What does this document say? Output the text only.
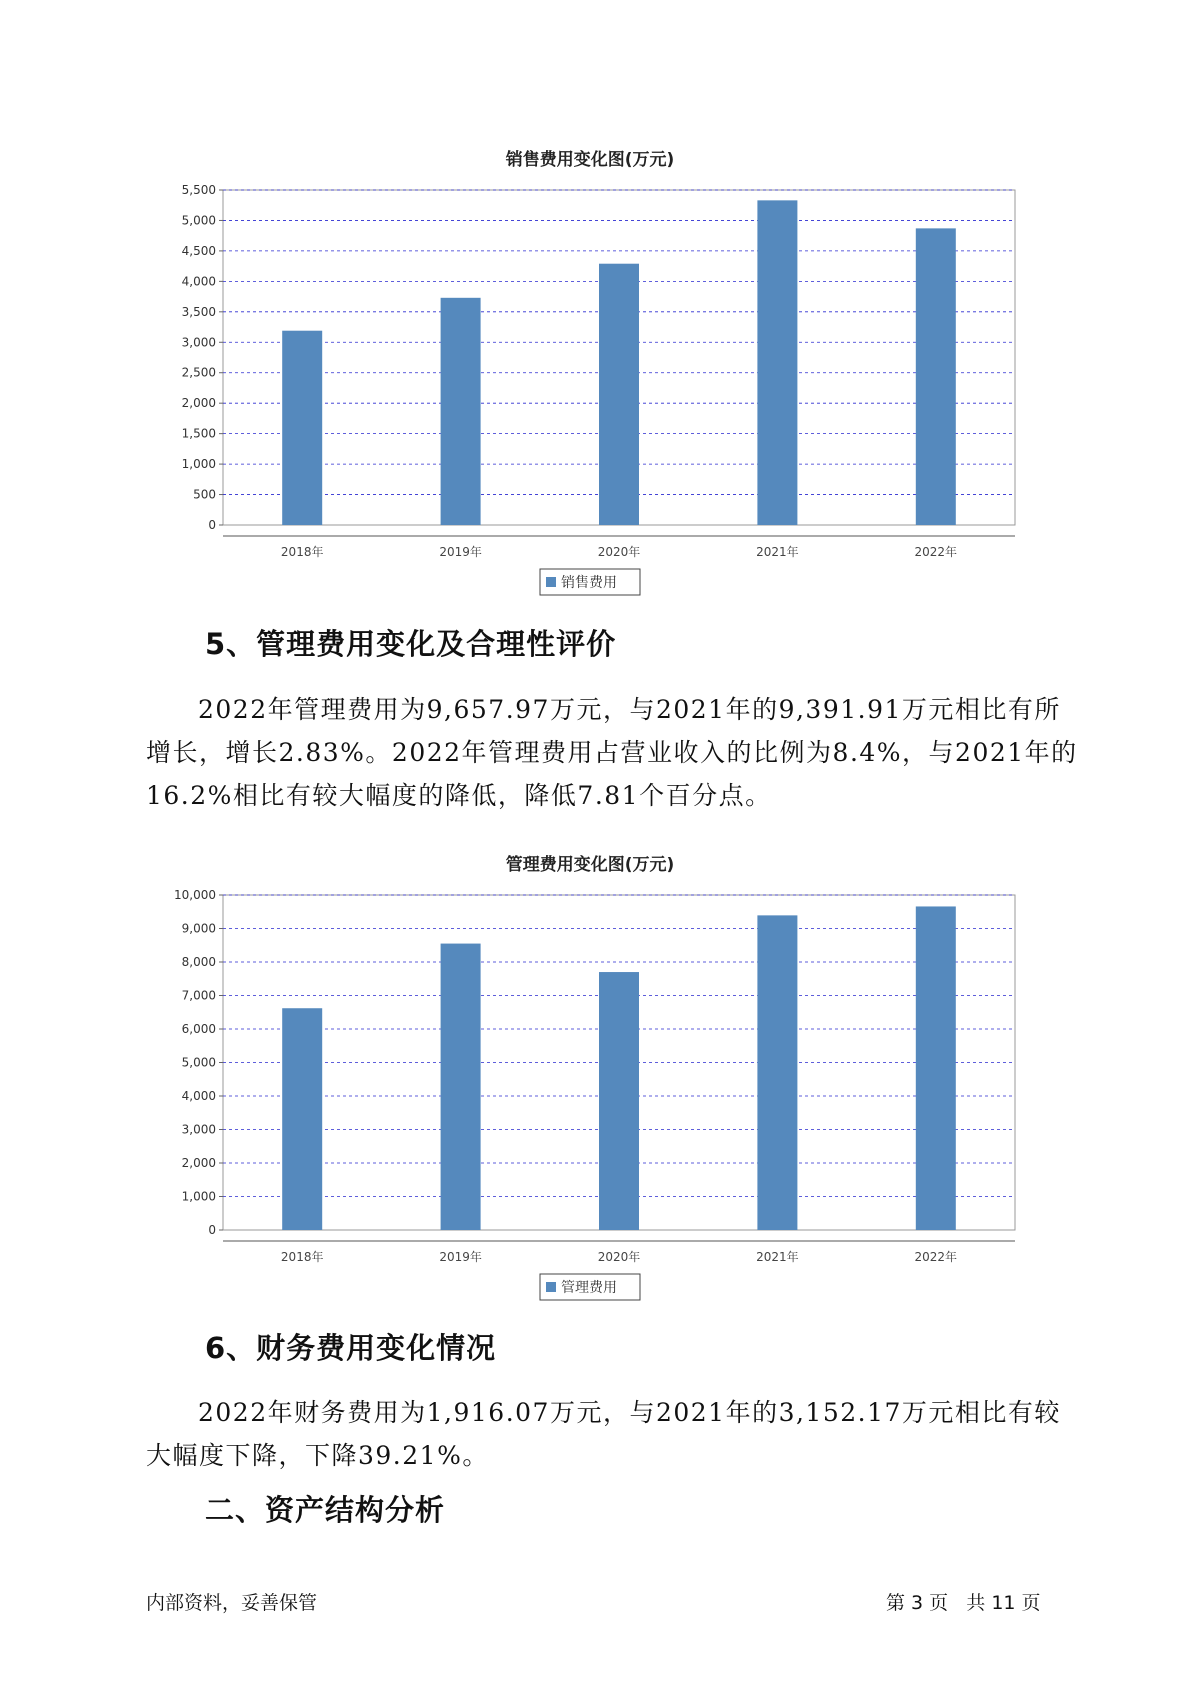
销售费用变化图(万元)
0
500
1,000
1,500
2,000
2,500
3,000
3,500
4,000
4,500
5,000
5,500
2018年	2019年	2020年	2021年	2022年
销售费用
5、管理费用变化及合理性评价

2022年管理费用为9,657.97万元，与2021年的9,391.91万元相比有所
增长，增长2.83%。2022年管理费用占营业收入的比例为8.4%，与2021年的
16.2%相比有较大幅度的降低，降低7.81个百分点。

管理费用变化图(万元)
0
1,000
2,000
3,000
4,000
5,000
6,000
7,000
8,000
9,000
10,000
2018年	2019年	2020年	2021年	2022年
管理费用
6、财务费用变化情况

2022年财务费用为1,916.07万元，与2021年的3,152.17万元相比有较
大幅度下降，下降39.21%。

二、资产结构分析
内部资料，妥善保管	第 3 页   共 11 页
